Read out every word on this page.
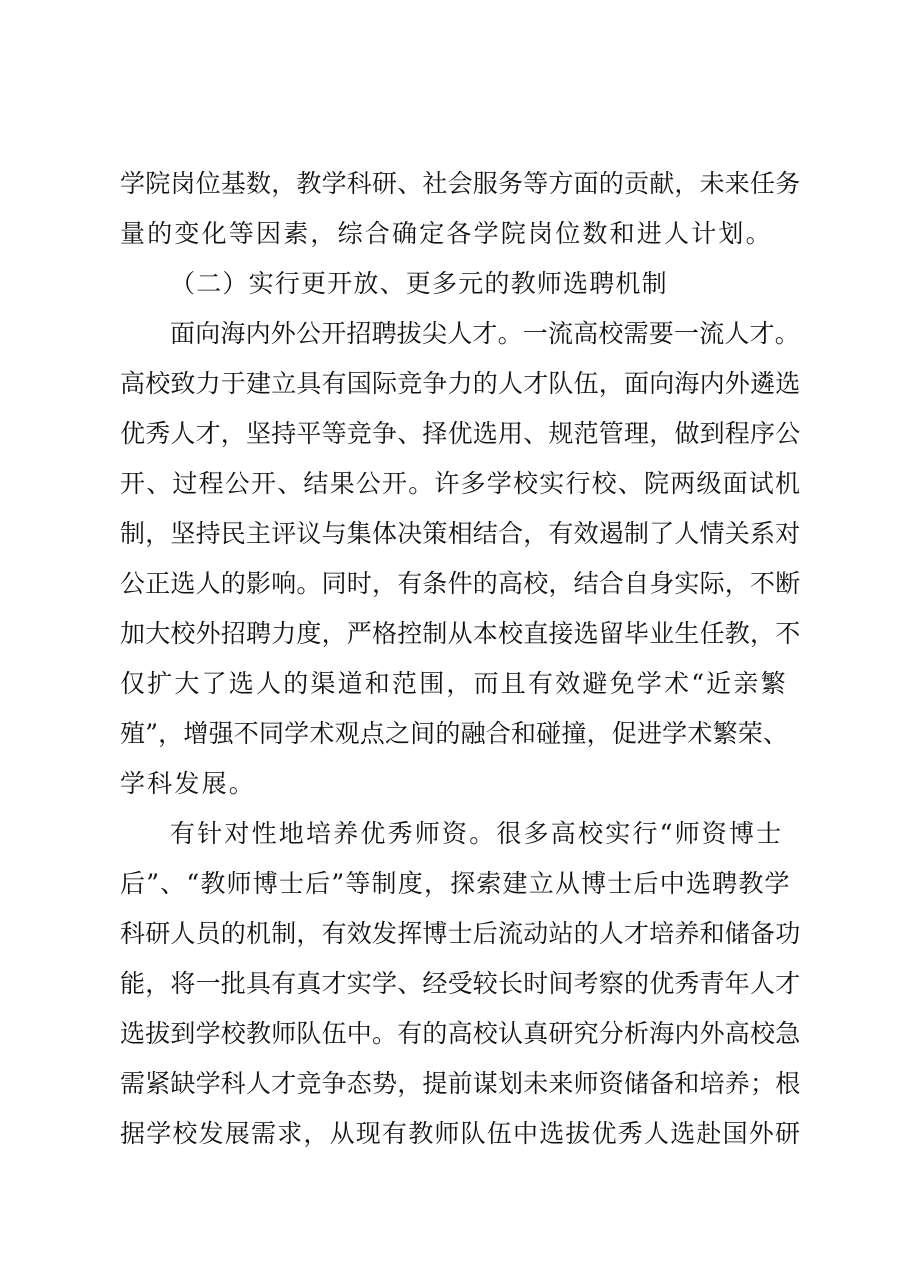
学院岗位基数，教学科研、社会服务等方面的贡献，未来任务
量的变化等因素，综合确定各学院岗位数和进人计划。
（二）实行更开放、更多元的教师选聘机制
面向海内外公开招聘拔尖人才。一流高校需要一流人才。
高校致力于建立具有国际竞争力的人才队伍，面向海内外遴选
优秀人才，坚持平等竞争、择优选用、规范管理，做到程序公
开、过程公开、结果公开。许多学校实行校、院两级面试机
制，坚持民主评议与集体决策相结合，有效遏制了人情关系对
公正选人的影响。同时，有条件的高校，结合自身实际，不断
加大校外招聘力度，严格控制从本校直接选留毕业生任教，不
仅扩大了选人的渠道和范围，而且有效避免学术“近亲繁
殖”，增强不同学术观点之间的融合和碰撞，促进学术繁荣、
学科发展。
有针对性地培养优秀师资。很多高校实行“师资博士
后”、“教师博士后”等制度，探索建立从博士后中选聘教学
科研人员的机制，有效发挥博士后流动站的人才培养和储备功
能，将一批具有真才实学、经受较长时间考察的优秀青年人才
选拔到学校教师队伍中。有的高校认真研究分析海内外高校急
需紧缺学科人才竞争态势，提前谋划未来师资储备和培养；根
据学校发展需求，从现有教师队伍中选拔优秀人选赴国外研
